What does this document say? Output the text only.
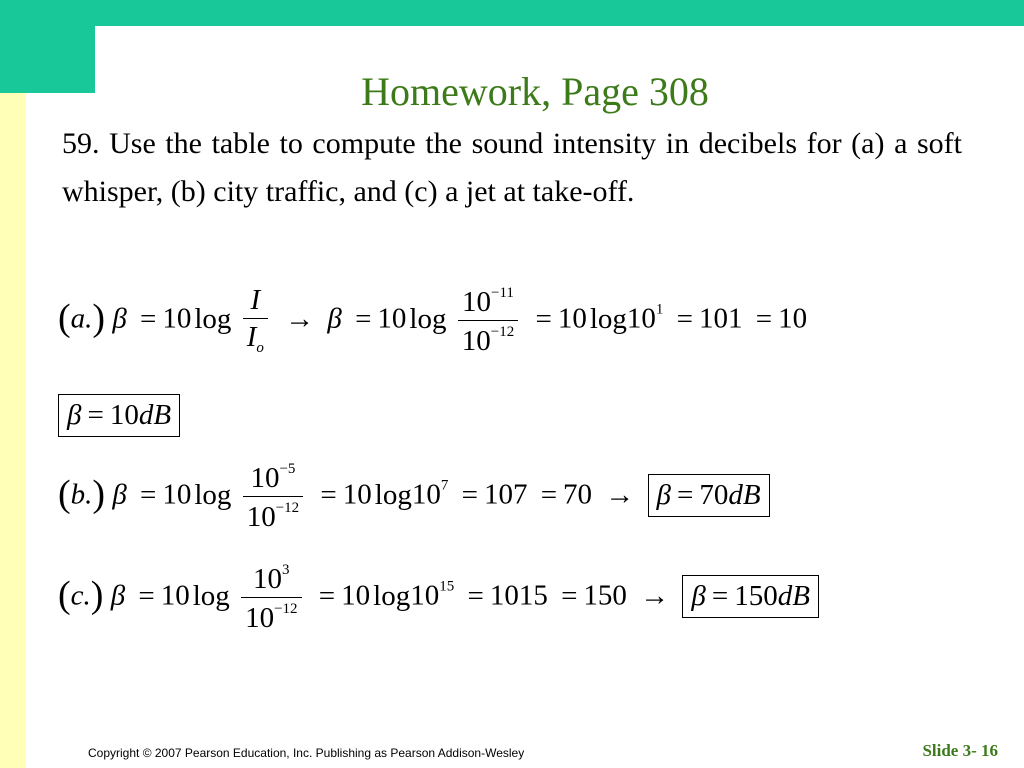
Homework, Page 308

59. Use the table to compute the sound intensity in decibels for (a) a soft whisper, (b) city traffic, and (c) a jet at take-off.

(a.) β = 10 $\log \frac{I}{I_o} \to \beta = 10$ $\log \frac{10^{-11}}{10^{-12}} = 10$ $\log 10^1 = 101 = 10$
β = 10dB
(b.) β = 10 $\log \frac{10^{-5}}{10^{-12}} = 10$ $\log 10^7 = 107 = 70 \to \beta = 70dB$
(c.) β = 10 $\log \frac{10^3}{10^{-12}} = 10$ $\log 10^{15} = 1015 = 150 \to \beta = 150dB$
Copyright © 2007 Pearson Education, Inc. Publishing as Pearson Addison-Wesley	Slide 3- 16
